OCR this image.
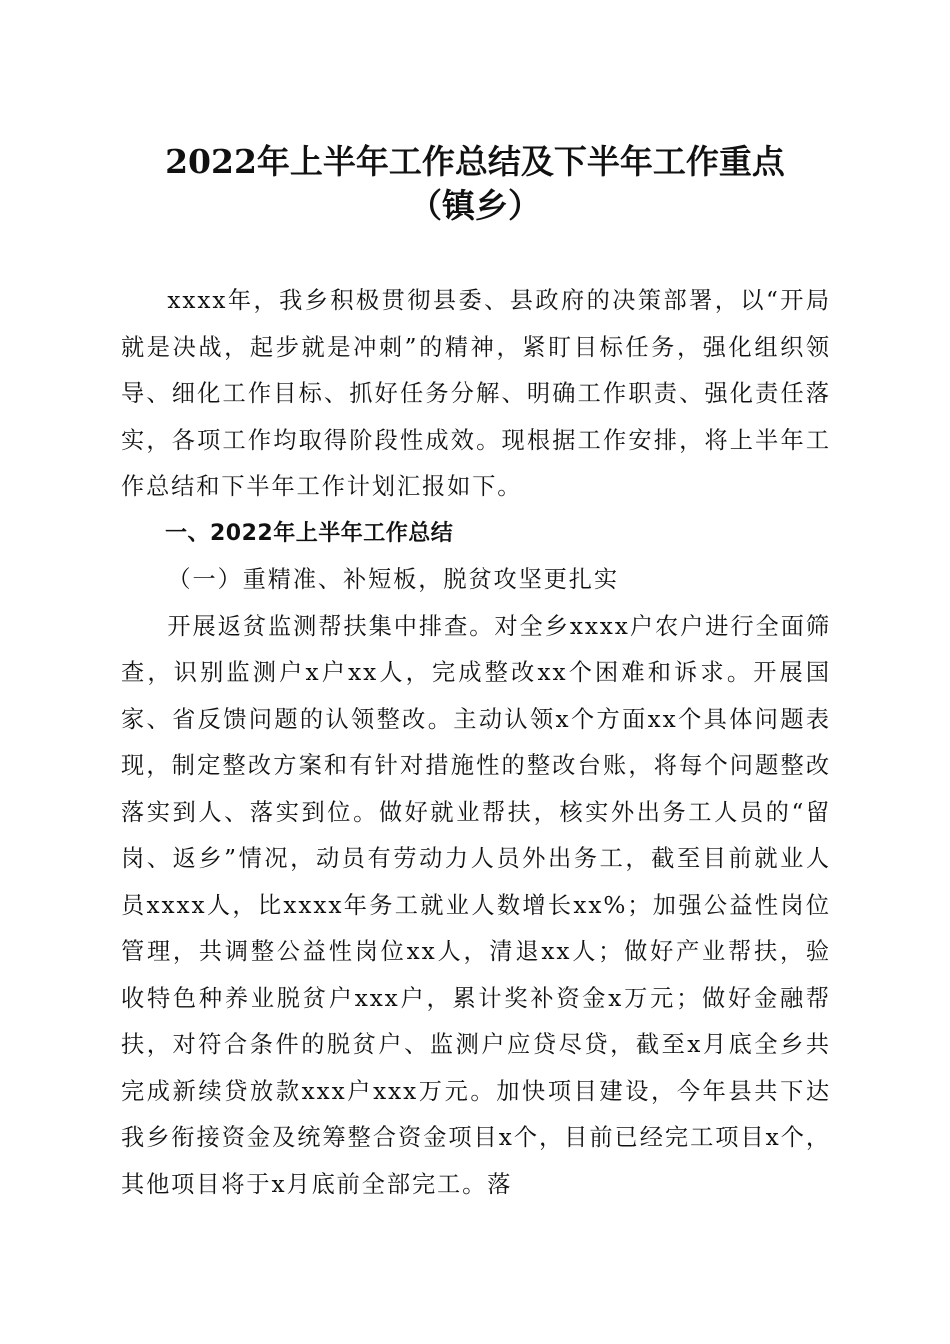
2022年上半年工作总结及下半年工作重点
（镇乡）

xxxx年，我乡积极贯彻县委、县政府的决策部署，以“开局就是决战，起步就是冲刺”的精神，紧盯目标任务，强化组织领导、细化工作目标、抓好任务分解、明确工作职责、强化责任落实，各项工作均取得阶段性成效。现根据工作安排，将上半年工作总结和下半年工作计划汇报如下。

一、2022年上半年工作总结

（一）重精准、补短板，脱贫攻坚更扎实

开展返贫监测帮扶集中排查。对全乡xxxx户农户进行全面筛查，识别监测户x户xx人，完成整改xx个困难和诉求。开展国家、省反馈问题的认领整改。主动认领x个方面xx个具体问题表现，制定整改方案和有针对措施性的整改台账，将每个问题整改落实到人、落实到位。做好就业帮扶，核实外出务工人员的“留岗、返乡”情况，动员有劳动力人员外出务工，截至目前就业人员xxxx人，比xxxx年务工就业人数增长xx%；加强公益性岗位管理，共调整公益性岗位xx人，清退xx人；做好产业帮扶，验收特色种养业脱贫户xxx户，累计奖补资金x万元；做好金融帮扶，对符合条件的脱贫户、监测户应贷尽贷，截至x月底全乡共完成新续贷放款xxx户xxx万元。加快项目建设，今年县共下达我乡衔接资金及统筹整合资金项目x个，目前已经完工项目x个，其他项目将于x月底前全部完工。落
